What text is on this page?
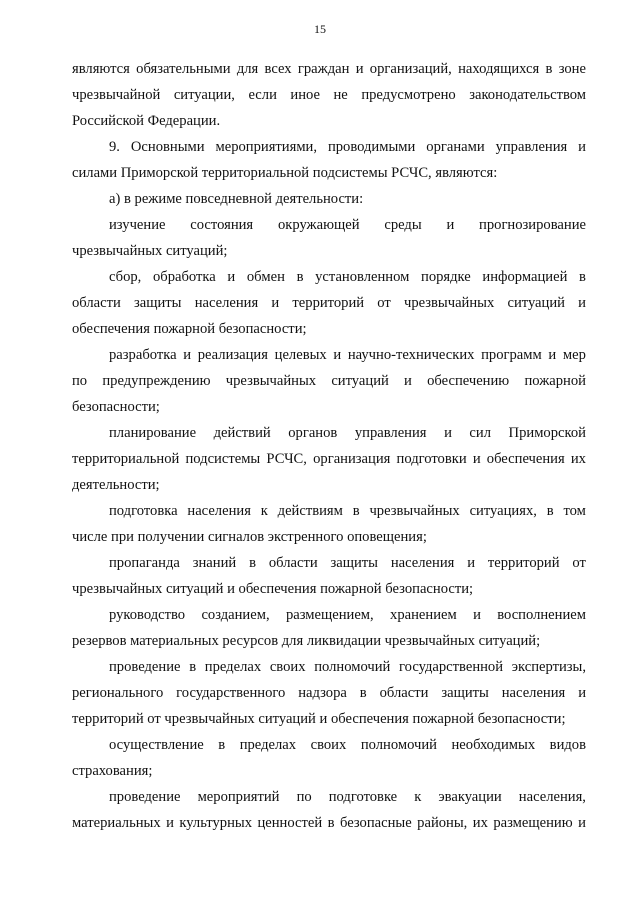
15
являются обязательными для всех граждан и организаций, находящихся в зоне
чрезвычайной ситуации, если иное не предусмотрено законодательством
Российской Федерации.
9. Основными мероприятиями, проводимыми органами управления и
силами Приморской территориальной подсистемы РСЧС, являются:
а) в режиме повседневной деятельности:
изучение состояния окружающей среды и прогнозирование
чрезвычайных ситуаций;
сбор, обработка и обмен в установленном порядке информацией в
области защиты населения и территорий от чрезвычайных ситуаций и
обеспечения пожарной безопасности;
разработка и реализация целевых и научно-технических программ и мер
по предупреждению чрезвычайных ситуаций и обеспечению пожарной
безопасности;
планирование действий органов управления и сил Приморской
территориальной подсистемы РСЧС, организация подготовки и обеспечения их
деятельности;
подготовка населения к действиям в чрезвычайных ситуациях, в том
числе при получении сигналов экстренного оповещения;
пропаганда знаний в области защиты населения и территорий от
чрезвычайных ситуаций и обеспечения пожарной безопасности;
руководство созданием, размещением, хранением и восполнением
резервов материальных ресурсов для ликвидации чрезвычайных ситуаций;
проведение в пределах своих полномочий государственной экспертизы,
регионального государственного надзора в области защиты населения и
территорий от чрезвычайных ситуаций и обеспечения пожарной безопасности;
осуществление в пределах своих полномочий необходимых видов
страхования;
проведение мероприятий по подготовке к эвакуации населения,
материальных и культурных ценностей в безопасные районы, их размещению и
